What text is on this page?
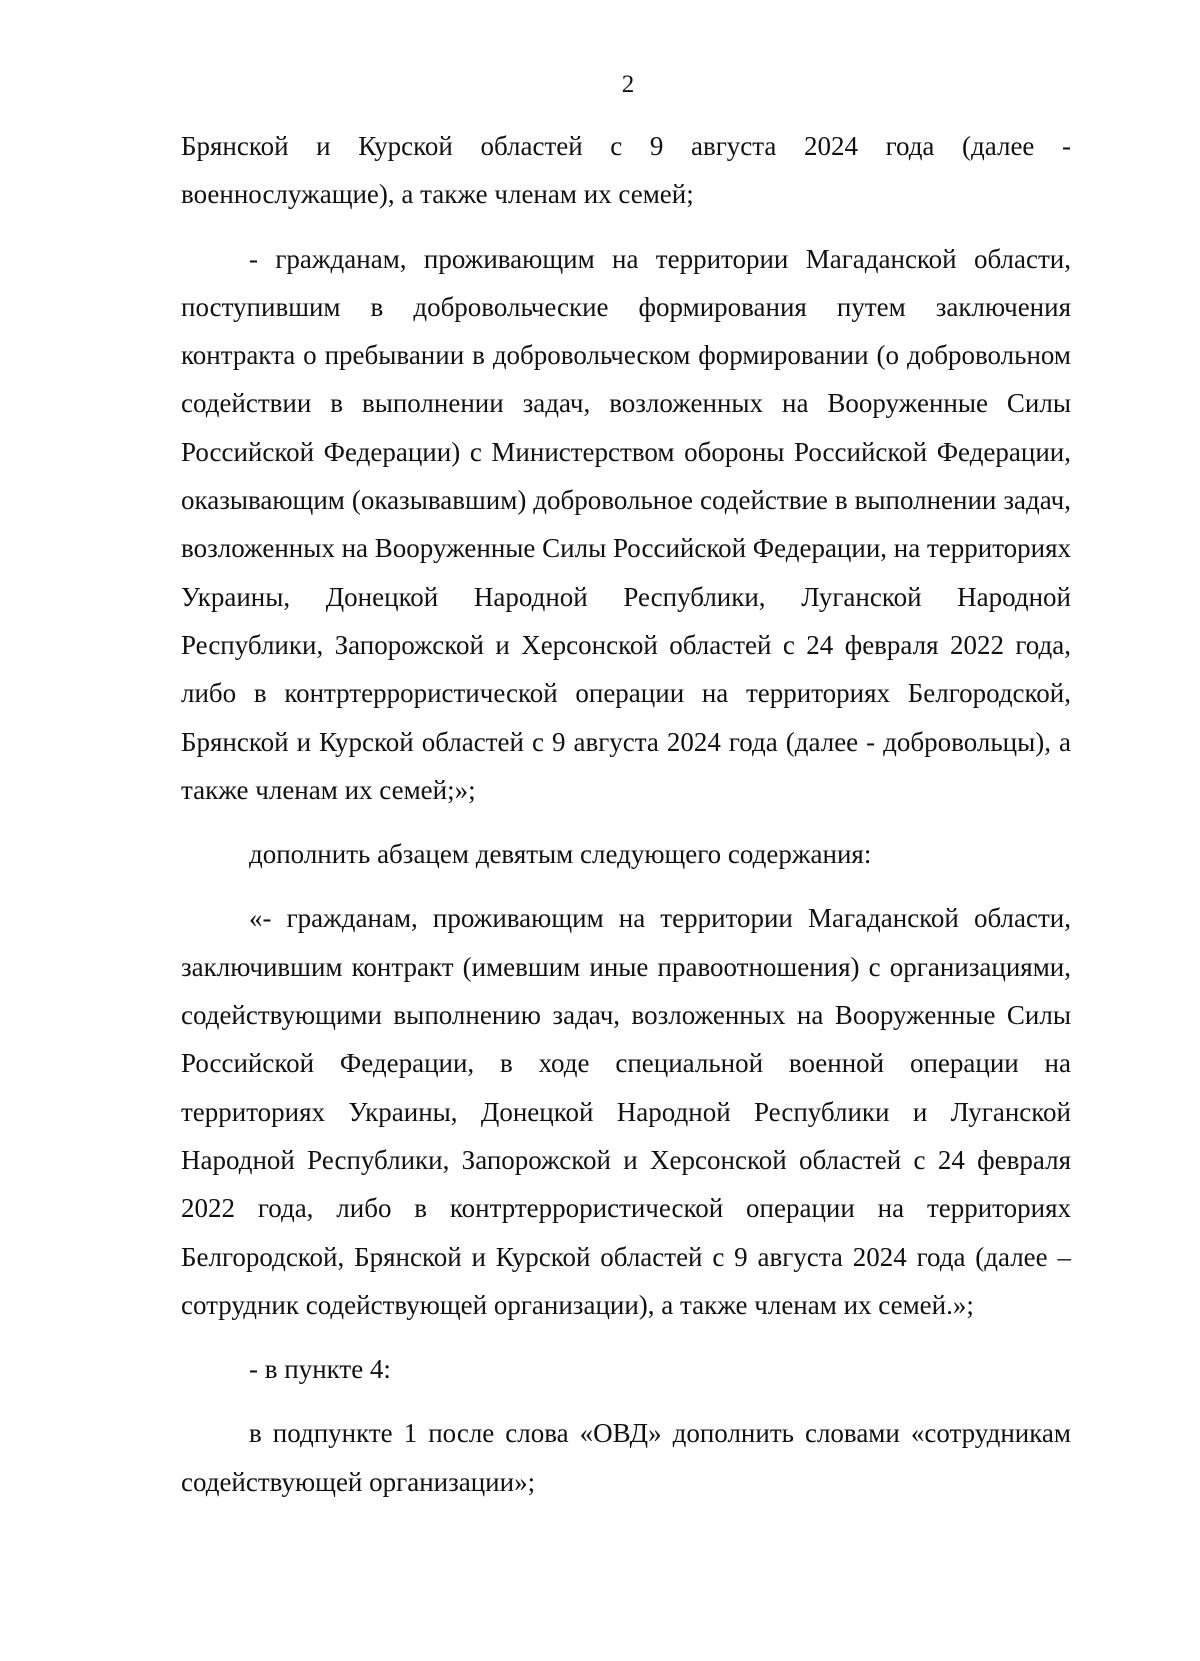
2

Брянской и Курской областей с 9 августа 2024 года (далее - военнослужащие), а также членам их семей;

- гражданам, проживающим на территории Магаданской области, поступившим в добровольческие формирования путем заключения контракта о пребывании в добровольческом формировании (о добровольном содействии в выполнении задач, возложенных на Вооруженные Силы Российской Федерации) с Министерством обороны Российской Федерации, оказывающим (оказывавшим) добровольное содействие в выполнении задач, возложенных на Вооруженные Силы Российской Федерации, на территориях Украины, Донецкой Народной Республики, Луганской Народной Республики, Запорожской и Херсонской областей с 24 февраля 2022 года, либо в контртеррористической операции на территориях Белгородской, Брянской и Курской областей с 9 августа 2024 года (далее - добровольцы), а также членам их семей;»;

дополнить абзацем девятым следующего содержания:

«- гражданам, проживающим на территории Магаданской области, заключившим контракт (имевшим иные правоотношения) с организациями, содействующими выполнению задач, возложенных на Вооруженные Силы Российской Федерации, в ходе специальной военной операции на территориях Украины, Донецкой Народной Республики и Луганской Народной Республики, Запорожской и Херсонской областей с 24 февраля 2022 года, либо в контртеррористической операции на территориях Белгородской, Брянской и Курской областей с 9 августа 2024 года (далее – сотрудник содействующей организации), а также членам их семей.»;

- в пункте 4:

в подпункте 1 после слова «ОВД» дополнить словами «сотрудникам содействующей организации»;
